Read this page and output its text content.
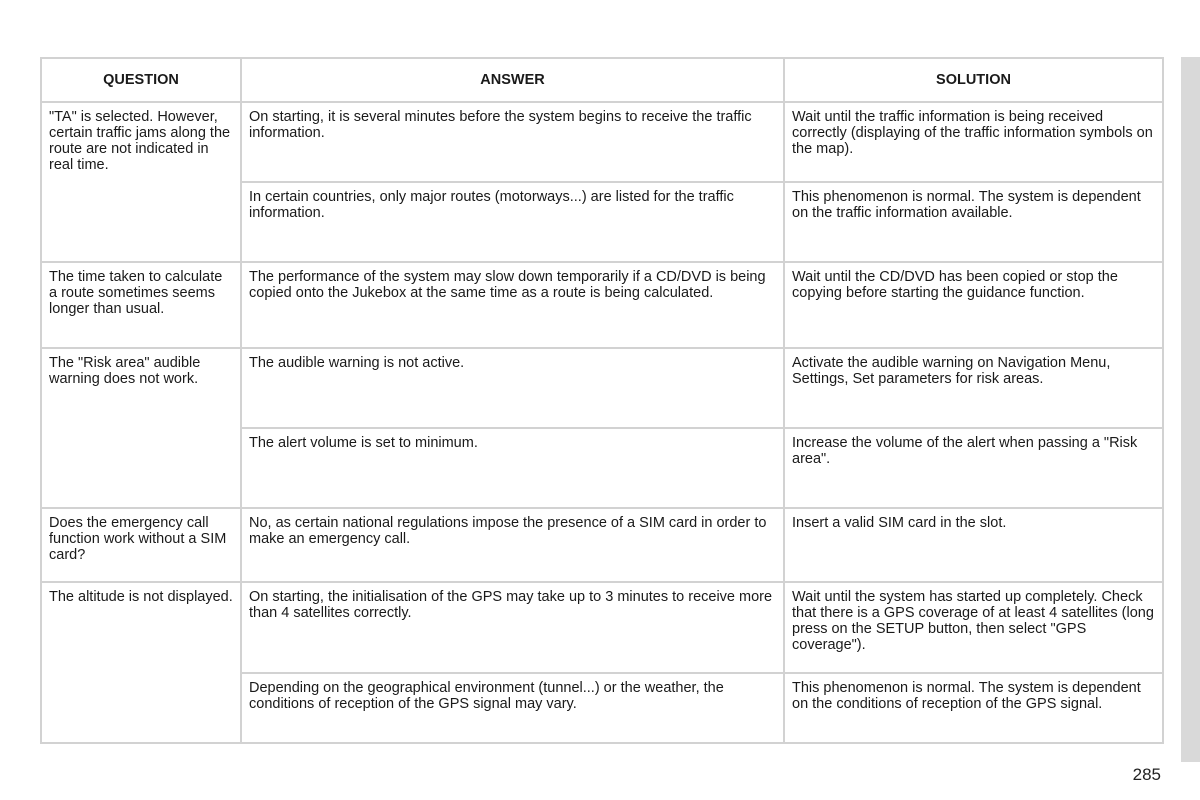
QUESTION	ANSWER	SOLUTION
"TA" is selected. However, certain traffic jams along the route are not indicated in real time.	On starting, it is several minutes before the system begins to receive the traffic information.	Wait until the traffic information is being received correctly (displaying of the traffic information symbols on the map).
	In certain countries, only major routes (motorways...) are listed for the traffic information.	This phenomenon is normal. The system is dependent on the traffic information available.
The time taken to calculate a route sometimes seems longer than usual.	The performance of the system may slow down temporarily if a CD/DVD is being copied onto the Jukebox at the same time as a route is being calculated.	Wait until the CD/DVD has been copied or stop the copying before starting the guidance function.
The "Risk area" audible warning does not work.	The audible warning is not active.	Activate the audible warning on Navigation Menu, Settings, Set parameters for risk areas.
	The alert volume is set to minimum.	Increase the volume of the alert when passing a "Risk area".
Does the emergency call function work without a SIM card?	No, as certain national regulations impose the presence of a SIM card in order to make an emergency call.	Insert a valid SIM card in the slot.
The altitude is not displayed.	On starting, the initialisation of the GPS may take up to 3 minutes to receive more than 4 satellites correctly.	Wait until the system has started up completely. Check that there is a GPS coverage of at least 4 satellites (long press on the SETUP button, then select "GPS coverage").
	Depending on the geographical environment (tunnel...) or the weather, the conditions of reception of the GPS signal may vary.	This phenomenon is normal. The system is dependent on the conditions of reception of the GPS signal.
285
